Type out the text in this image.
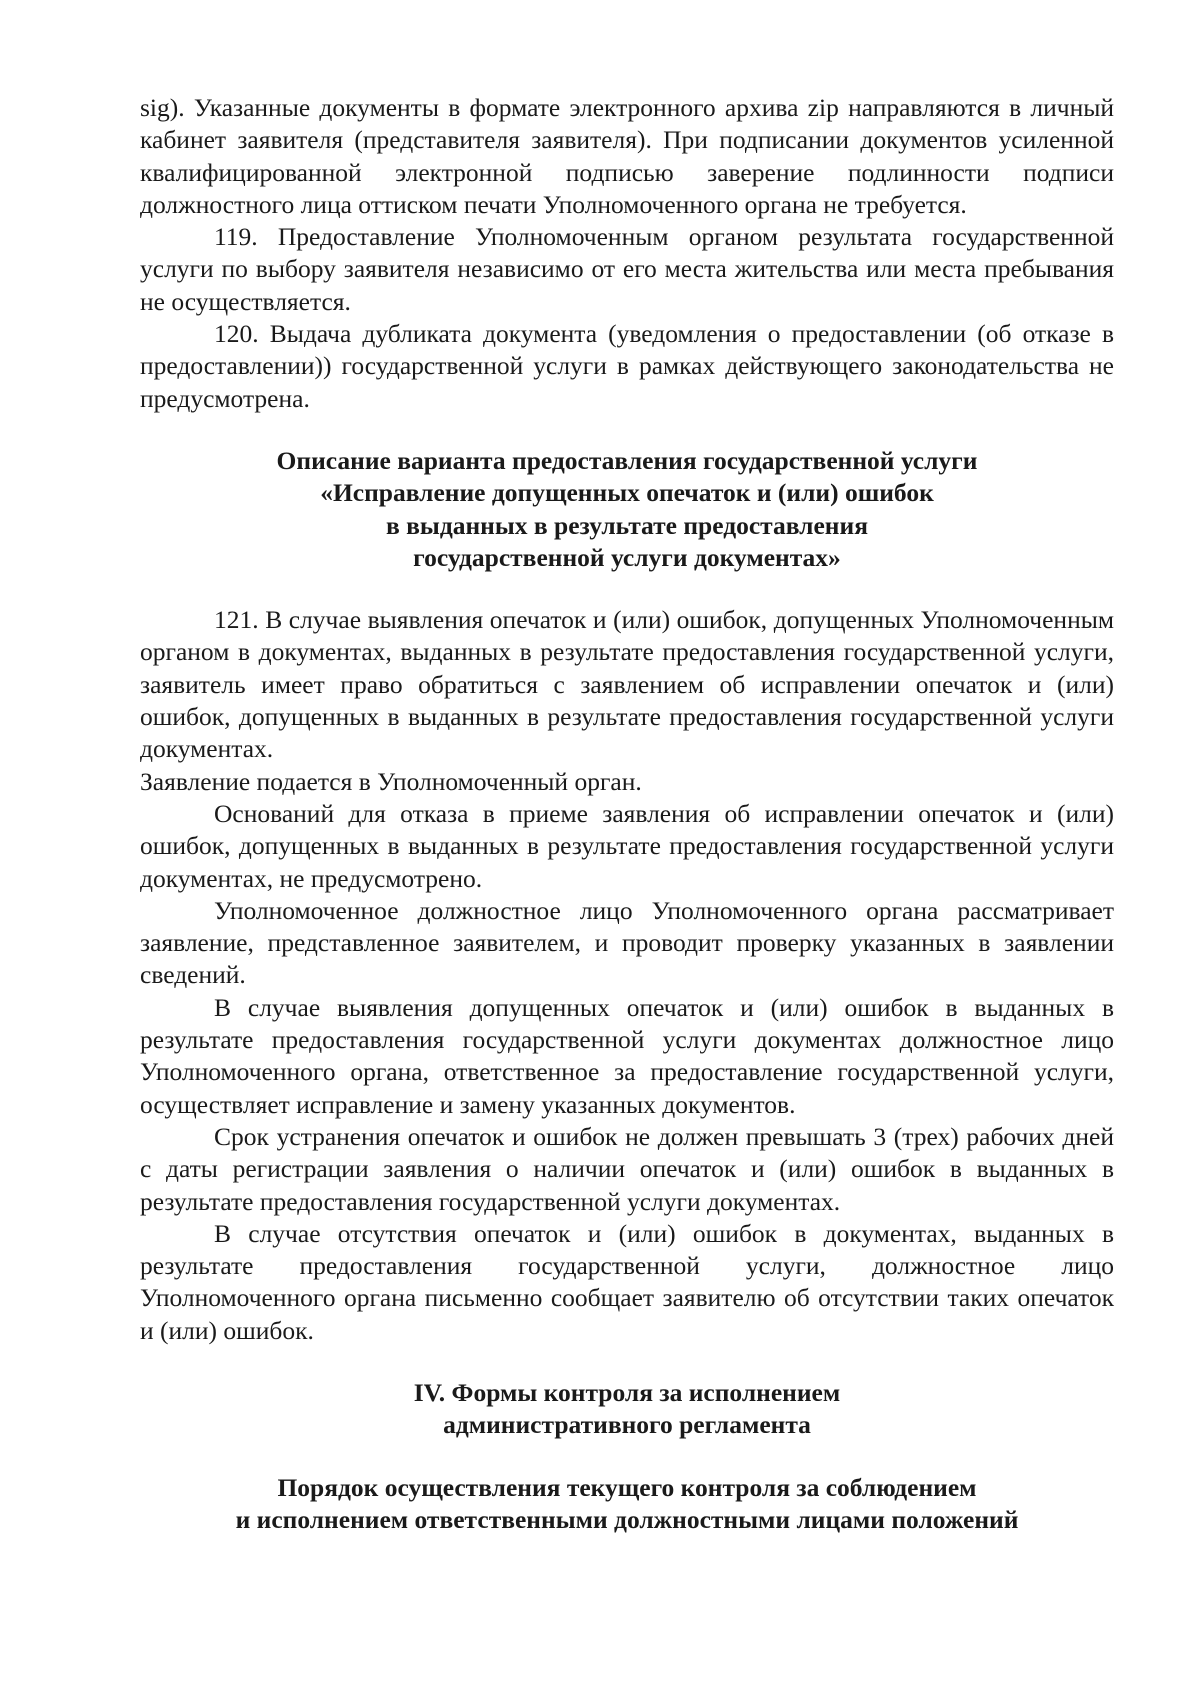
sig). Указанные документы в формате электронного архива zip направляются в личный кабинет заявителя (представителя заявителя). При подписании документов усиленной квалифицированной электронной подписью заверение подлинности подписи должностного лица оттиском печати Уполномоченного органа не требуется.

119. Предоставление Уполномоченным органом результата государственной услуги по выбору заявителя независимо от его места жительства или места пребывания не осуществляется.

120. Выдача дубликата документа (уведомления о предоставлении (об отказе в предоставлении)) государственной услуги в рамках действующего законодательства не предусмотрена.

Описание варианта предоставления государственной услуги
«Исправление допущенных опечаток и (или) ошибок
в выданных в результате предоставления
государственной услуги документах»

121. В случае выявления опечаток и (или) ошибок, допущенных Уполномоченным органом в документах, выданных в результате предоставления государственной услуги, заявитель имеет право обратиться с заявлением об исправлении опечаток и (или) ошибок, допущенных в выданных в результате предоставления государственной услуги документах.

Заявление подается в Уполномоченный орган.

Оснований для отказа в приеме заявления об исправлении опечаток и (или) ошибок, допущенных в выданных в результате предоставления государственной услуги документах, не предусмотрено.

Уполномоченное должностное лицо Уполномоченного органа рассматривает заявление, представленное заявителем, и проводит проверку указанных в заявлении сведений.

В случае выявления допущенных опечаток и (или) ошибок в выданных в результате предоставления государственной услуги документах должностное лицо Уполномоченного органа, ответственное за предоставление государственной услуги, осуществляет исправление и замену указанных документов.

Срок устранения опечаток и ошибок не должен превышать 3 (трех) рабочих дней с даты регистрации заявления о наличии опечаток и (или) ошибок в выданных в результате предоставления государственной услуги документах.

В случае отсутствия опечаток и (или) ошибок в документах, выданных в результате предоставления государственной услуги, должностное лицо Уполномоченного органа письменно сообщает заявителю об отсутствии таких опечаток и (или) ошибок.

IV. Формы контроля за исполнением
административного регламента
Порядок осуществления текущего контроля за соблюдением
и исполнением ответственными должностными лицами положений
